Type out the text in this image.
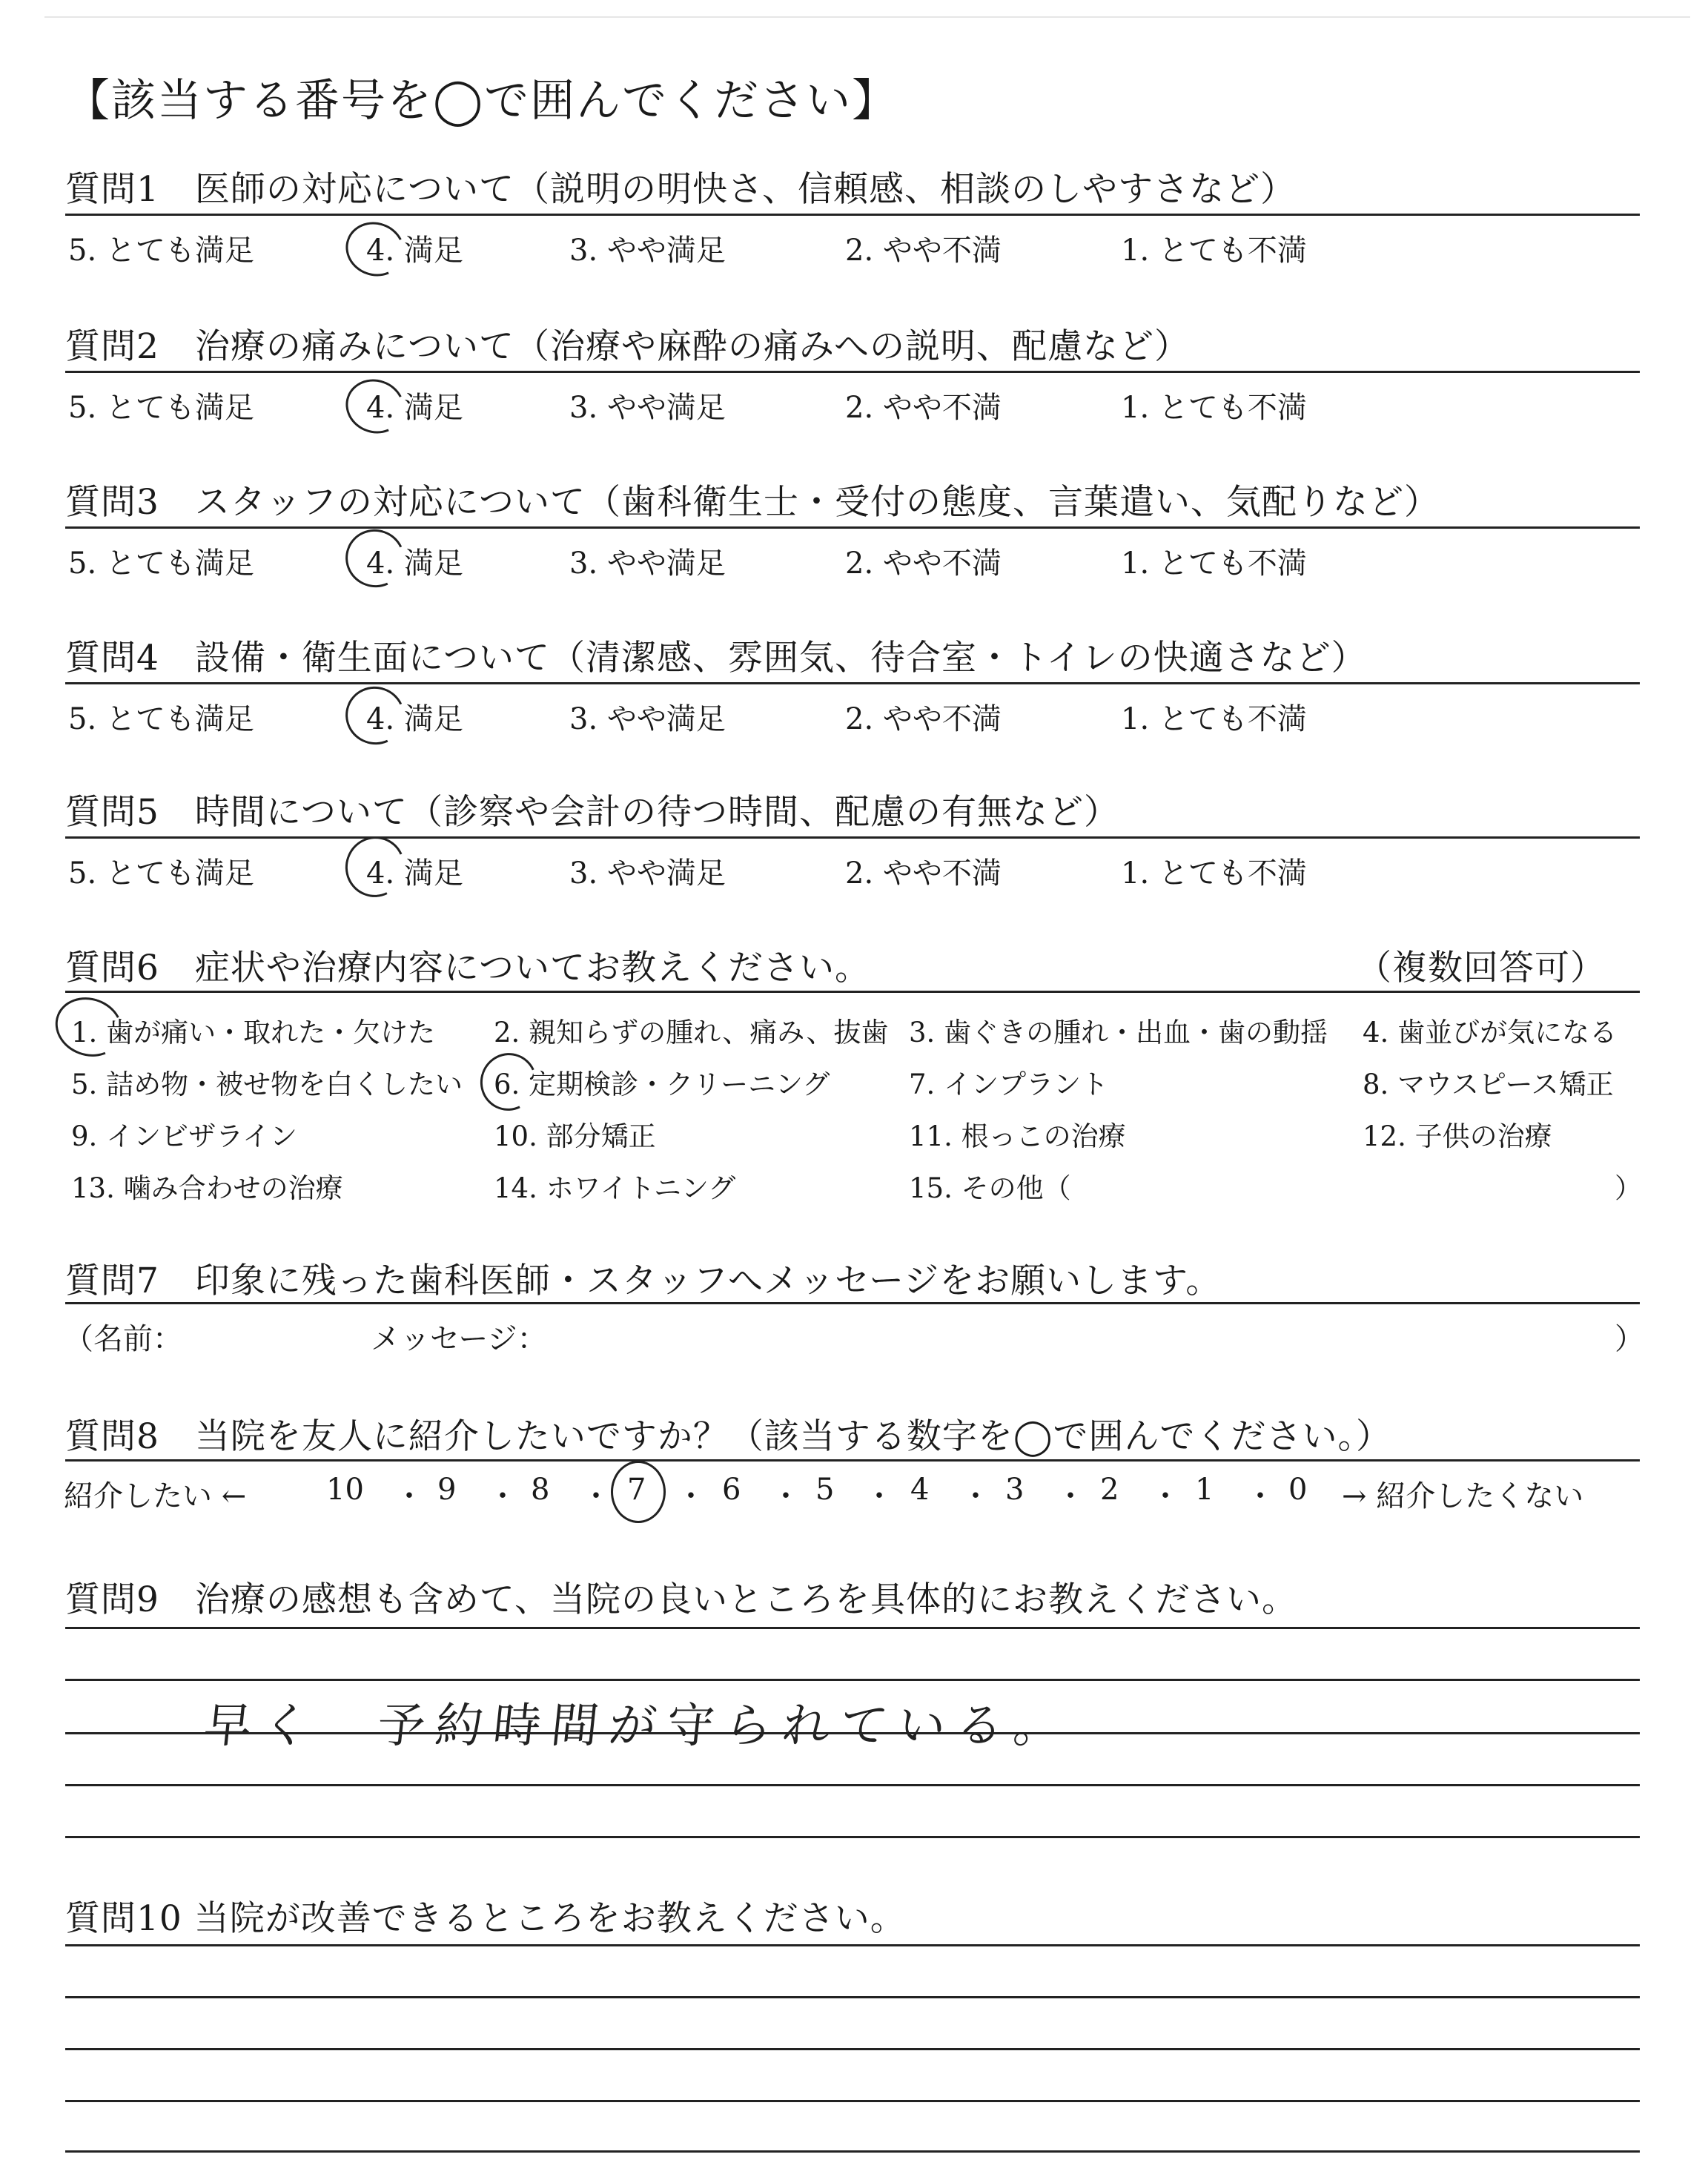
【該当する番号を◯で囲んでください】
質問1　医師の対応について（説明の明快さ、信頼感、相談のしやすさなど）
5. とても満足	4. 満足	3. やや満足	2. やや不満	1. とても不満
質問2　治療の痛みについて（治療や麻酔の痛みへの説明、配慮など）
5. とても満足	4. 満足	3. やや満足	2. やや不満	1. とても不満
質問3　スタッフの対応について（歯科衛生士・受付の態度、言葉遣い、気配りなど）
5. とても満足	4. 満足	3. やや満足	2. やや不満	1. とても不満
質問4　設備・衛生面について（清潔感、雰囲気、待合室・トイレの快適さなど）
5. とても満足	4. 満足	3. やや満足	2. やや不満	1. とても不満
質問5　時間について（診察や会計の待つ時間、配慮の有無など）
5. とても満足	4. 満足	3. やや満足	2. やや不満	1. とても不満
質問6　症状や治療内容についてお教えください。	（複数回答可）
1. 歯が痛い・取れた・欠けた 2. 親知らずの腫れ、痛み、抜歯 3. 歯ぐきの腫れ・出血・歯の動揺 4. 歯並びが気になる
5. 詰め物・被せ物を白くしたい 6. 定期検診・クリーニング	7. インプラント	8. マウスピース矯正
9. インビザライン	10. 部分矯正	11. 根っこの治療	12. 子供の治療
13. 噛み合わせの治療	14. ホワイトニング	15. その他（	）
質問7　印象に残った歯科医師・スタッフへメッセージをお願いします。
（名前：	メッセージ：	）
質問8　当院を友人に紹介したいですか？（該当する数字を◯で囲んでください。）
紹介したい ←	10 ・ 9 ・ 8 ・ 7 ・ 6 ・ 5 ・ 4 ・ 3 ・ 2 ・ 1 ・ 0 → 紹介したくない
質問9　治療の感想も含めて、当院の良いところを具体的にお教えください。
早く　予約時間が守られている。
質問10 当院が改善できるところをお教えください。
